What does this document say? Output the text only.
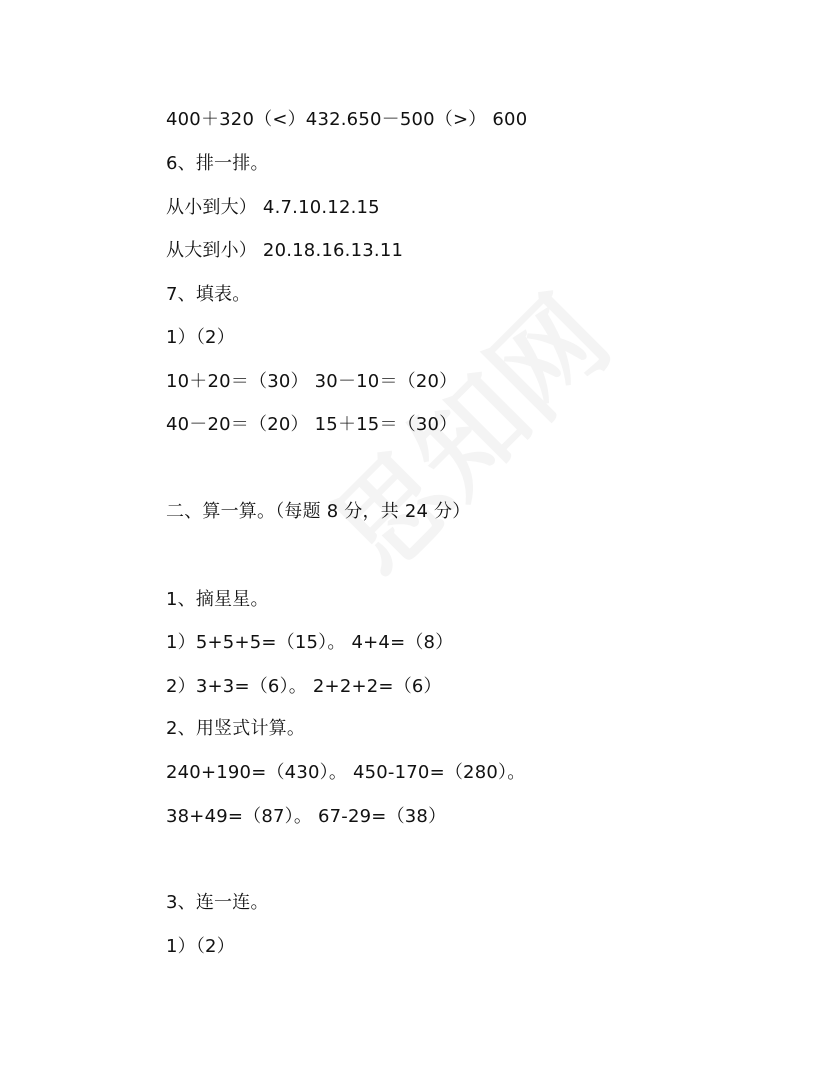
400＋320（<）432.650－500（>） 600
6、排一排。
从小到大） 4.7.10.12.15
从大到小） 20.18.16.13.11
7、填表。
1）（2）
10＋20＝（30） 30－10＝（20）
40－20＝（20） 15＋15＝（30）
二、算一算。（每题 8 分，共 24 分）
1、摘星星。
1）5+5+5=（15）。 4+4=（8）
2）3+3=（6）。 2+2+2=（6）
2、用竖式计算。
240+190=（430）。 450-170=（280）。
38+49=（87）。 67-29=（38）
3、连一连。
1）（2）
